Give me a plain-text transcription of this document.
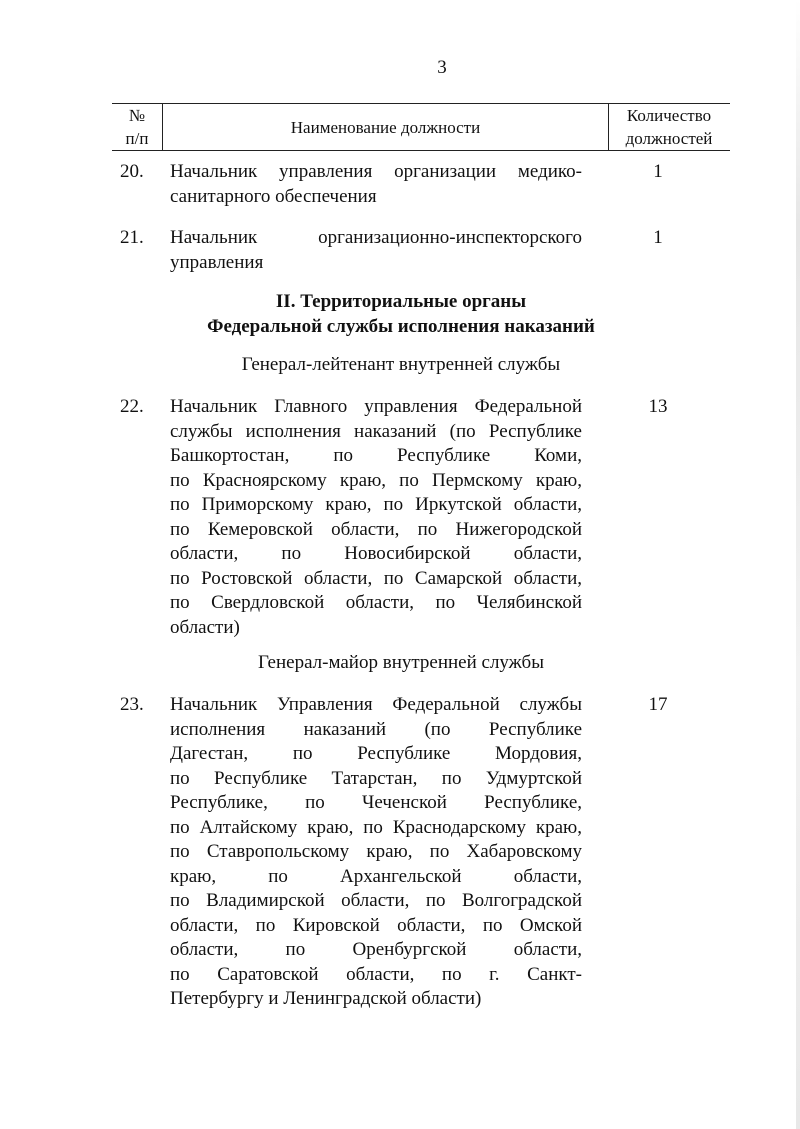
3
№
п/п
Наименование должности
Количество
должностей
20. Начальник управления организации медико-
санитарного обеспечения
1
21. Начальник организационно-инспекторского
управления
1
II. Территориальные органы
Федеральной службы исполнения наказаний
Генерал-лейтенант внутренней службы
22. Начальник Главного управления Федеральной
службы исполнения наказаний (по Республике
Башкортостан, по Республике Коми,
по Красноярскому краю, по Пермскому краю,
по Приморскому краю, по Иркутской области,
по Кемеровской области, по Нижегородской
области, по Новосибирской области,
по Ростовской области, по Самарской области,
по Свердловской области, по Челябинской
области)
13
Генерал-майор внутренней службы
23. Начальник Управления Федеральной службы
исполнения наказаний (по Республике
Дагестан, по Республике Мордовия,
по Республике Татарстан, по Удмуртской
Республике, по Чеченской Республике,
по Алтайскому краю, по Краснодарскому краю,
по Ставропольскому краю, по Хабаровскому
краю, по Архангельской области,
по Владимирской области, по Волгоградской
области, по Кировской области, по Омской
области, по Оренбургской области,
по Саратовской области, по г. Санкт-
Петербургу и Ленинградской области)
17
